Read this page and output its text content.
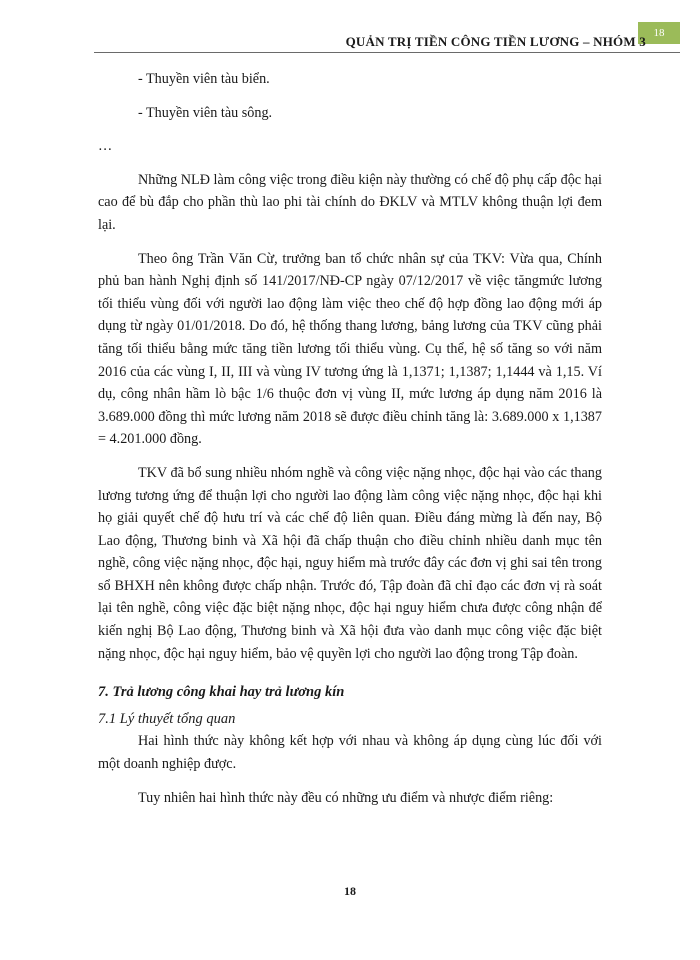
18
QUẢN TRỊ TIỀN CÔNG TIỀN LƯƠNG – NHÓM 3

- Thuyền viên tàu biển.

- Thuyền viên tàu sông.

…

Những NLĐ làm công việc trong điều kiện này thường có chế độ phụ cấp độc hại cao để bù đắp cho phần thù lao phi tài chính do ĐKLV và MTLV không thuận lợi đem lại.

Theo ông Trần Văn Cừ, trưởng ban tổ chức nhân sự của TKV: Vừa qua, Chính phủ ban hành Nghị định số 141/2017/NĐ-CP ngày 07/12/2017 về việc tăngmức lương tối thiểu vùng đối với người lao động làm việc theo chế độ hợp đồng lao động mới áp dụng từ ngày 01/01/2018. Do đó, hệ thống thang lương, bảng lương của TKV cũng phải tăng tối thiểu bằng mức tăng tiền lương tối thiểu vùng. Cụ thể, hệ số tăng so với năm 2016 của các vùng I, II, III và vùng IV tương ứng là 1,1371; 1,1387; 1,1444 và 1,15. Ví dụ, công nhân hầm lò bậc 1/6 thuộc đơn vị vùng II, mức lương áp dụng năm 2016 là 3.689.000 đồng thì mức lương năm 2018 sẽ được điều chỉnh tăng là: 3.689.000 x 1,1387 = 4.201.000 đồng.

TKV đã bổ sung nhiều nhóm nghề và công việc nặng nhọc, độc hại vào các thang lương tương ứng để thuận lợi cho người lao động làm công việc nặng nhọc, độc hại khi họ giải quyết chế độ hưu trí và các chế độ liên quan. Điều đáng mừng là đến nay, Bộ Lao động, Thương binh và Xã hội đã chấp thuận cho điều chỉnh nhiều danh mục tên nghề, công việc nặng nhọc, độc hại, nguy hiểm mà trước đây các đơn vị ghi sai tên trong sổ BHXH nên không được chấp nhận. Trước đó, Tập đoàn đã chỉ đạo các đơn vị rà soát lại tên nghề, công việc đặc biệt nặng nhọc, độc hại nguy hiểm chưa được công nhận để kiến nghị Bộ Lao động, Thương binh và Xã hội đưa vào danh mục công việc đặc biệt nặng nhọc, độc hại nguy hiểm, bảo vệ quyền lợi cho người lao động trong Tập đoàn.

7. Trả lương công khai hay trả lương kín

7.1 Lý thuyết tổng quan

Hai hình thức này không kết hợp với nhau và không áp dụng cùng lúc đối với một doanh nghiệp được.

Tuy nhiên hai hình thức này đều có những ưu điểm và nhược điểm riêng:

18
